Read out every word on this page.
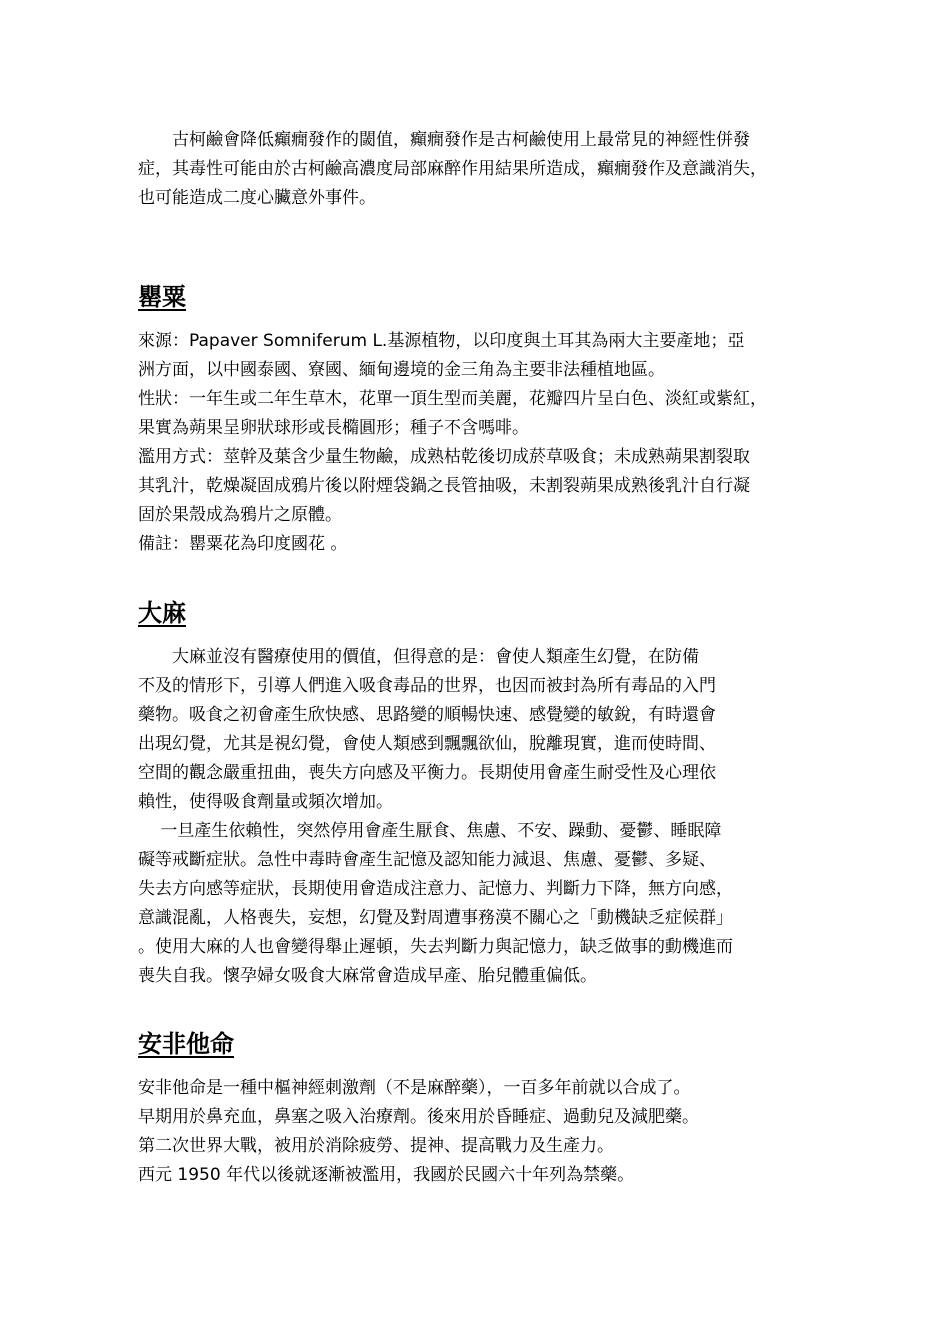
　　古柯鹼會降低癲癇發作的閾值，癲癇發作是古柯鹼使用上最常見的神經性併發
症，其毒性可能由於古柯鹼高濃度局部麻醉作用結果所造成，癲癇發作及意識消失，
也可能造成二度心臟意外事件。
罌粟
來源：Papaver Somniferum L.基源植物，以印度與土耳其為兩大主要產地；亞
洲方面，以中國泰國、寮國、緬甸邊境的金三角為主要非法種植地區。
性狀：一年生或二年生草木，花單一頂生型而美麗，花瓣四片呈白色、淡紅或紫紅，
果實為蒴果呈卵狀球形或長橢圓形；種子不含嗎啡。
濫用方式：莖幹及葉含少量生物鹼，成熟枯乾後切成菸草吸食；未成熟蒴果割裂取
其乳汁，乾燥凝固成鴉片後以附煙袋鍋之長管抽吸，未割裂蒴果成熟後乳汁自行凝
固於果殼成為鴉片之原體。
備註：罌粟花為印度國花 。
大麻
　　大麻並沒有醫療使用的價值，但得意的是：會使人類產生幻覺，在防備
不及的情形下，引導人們進入吸食毒品的世界，也因而被封為所有毒品的入門
藥物。吸食之初會產生欣快感、思路變的順暢快速、感覺變的敏銳，有時還會
出現幻覺，尤其是視幻覺，會使人類感到飄飄欲仙，脫離現實，進而使時間、
空間的觀念嚴重扭曲，喪失方向感及平衡力。長期使用會產生耐受性及心理依
賴性，使得吸食劑量或頻次增加。
　 一旦產生依賴性，突然停用會產生厭食、焦慮、不安、躁動、憂鬱、睡眠障
礙等戒斷症狀。急性中毒時會產生記憶及認知能力減退、焦慮、憂鬱、多疑、
失去方向感等症狀，長期使用會造成注意力、記憶力、判斷力下降，無方向感，
意識混亂，人格喪失，妄想，幻覺及對周遭事務漠不關心之「動機缺乏症候群」
。使用大麻的人也會變得舉止遲頓，失去判斷力與記憶力，缺乏做事的動機進而
喪失自我。懷孕婦女吸食大麻常會造成早產、胎兒體重偏低。
安非他命
安非他命是一種中樞神經刺激劑（不是麻醉藥），一百多年前就以合成了。
早期用於鼻充血，鼻塞之吸入治療劑。後來用於昏睡症、過動兒及減肥藥。
第二次世界大戰，被用於消除疲勞、提神、提高戰力及生產力。
西元 1950 年代以後就逐漸被濫用，我國於民國六十年列為禁藥。
